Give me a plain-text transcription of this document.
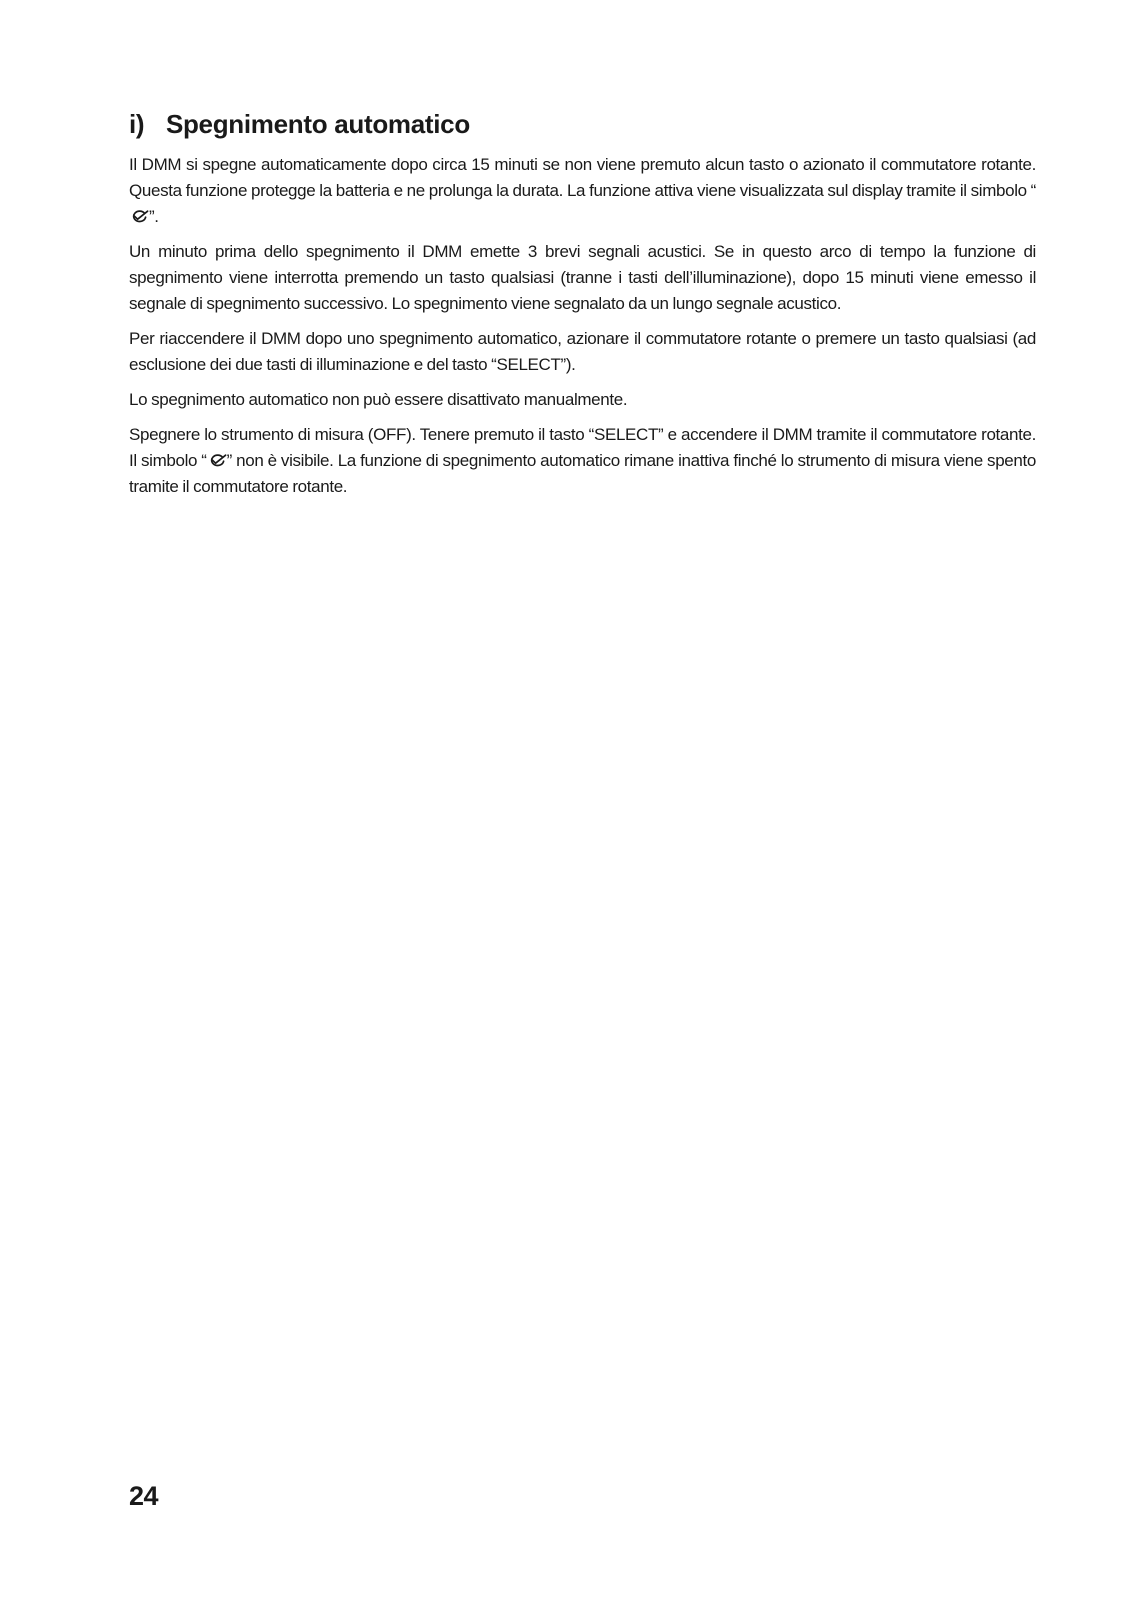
i) Spegnimento automatico

Il DMM si spegne automaticamente dopo circa 15 minuti se non viene premuto alcun tasto o azionato il commutatore rotante. Questa funzione protegge la batteria e ne prolunga la durata. La funzione attiva viene visualizzata sul display tramite il simbolo “
”.

Un minuto prima dello spegnimento il DMM emette 3 brevi segnali acustici. Se in questo arco di tempo la funzione di spegnimento viene interrotta premendo un tasto qualsiasi (tranne i tasti dell’illuminazione), dopo 15 minuti viene emesso il segnale di spegnimento successivo. Lo spegnimento viene segnalato da un lungo segnale acustico.

Per riaccendere il DMM dopo uno spegnimento automatico, azionare il commutatore rotante o premere un tasto qualsiasi (ad esclusione dei due tasti di illuminazione e del tasto “SELECT”).

Lo spegnimento automatico non può essere disattivato manualmente.

Spegnere lo strumento di misura (OFF). Tenere premuto il tasto “SELECT” e accendere il DMM tramite il commutatore rotante. Il simbolo “ ” non è visibile. La funzione di spegnimento automatico rimane inattiva finché lo strumento di misura viene spento tramite il commutatore rotante.

24
